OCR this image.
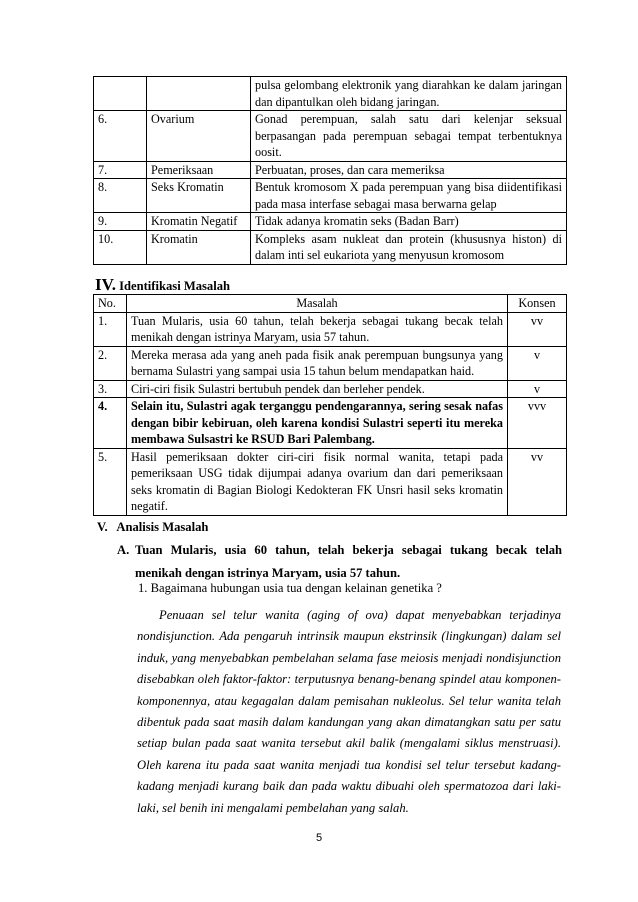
		pulsa gelombang elektronik yang diarahkan ke dalam jaringan dan dipantulkan oleh bidang jaringan.
6.	Ovarium	Gonad perempuan, salah satu dari kelenjar seksual berpasangan pada perempuan sebagai tempat terbentuknya oosit.
7.	Pemeriksaan	Perbuatan, proses, dan cara memeriksa
8.	Seks Kromatin	Bentuk kromosom X pada perempuan yang bisa diidentifikasi pada masa interfase sebagai masa berwarna gelap
9.	Kromatin Negatif	Tidak adanya kromatin seks (Badan Barr)
10.	Kromatin	Kompleks asam nukleat dan protein (khususnya histon) di dalam inti sel eukariota yang menyusun kromosom
IV. Identifikasi Masalah
No.	Masalah	Konsen
1.	Tuan Mularis, usia 60 tahun, telah bekerja sebagai tukang becak telah menikah dengan istrinya Maryam, usia 57 tahun.	vv
2.	Mereka merasa ada yang aneh pada fisik anak perempuan bungsunya yang bernama Sulastri yang sampai usia 15 tahun belum mendapatkan haid.	v
3.	Ciri-ciri fisik Sulastri bertubuh pendek dan berleher pendek.	v
4.	Selain itu, Sulastri agak terganggu pendengarannya, sering sesak nafas dengan bibir kebiruan, oleh karena kondisi Sulastri seperti itu mereka membawa Sulsastri ke RSUD Bari Palembang.	vvv
5.	Hasil pemeriksaan dokter ciri-ciri fisik normal wanita, tetapi pada pemeriksaan USG tidak dijumpai adanya ovarium dan dari pemeriksaan seks kromatin di Bagian Biologi Kedokteran FK Unsri hasil seks kromatin negatif.	vv
V.   Analisis Masalah
A. Tuan Mularis, usia 60 tahun, telah bekerja sebagai tukang becak telah menikah dengan istrinya Maryam, usia 57 tahun.
1. Bagaimana hubungan usia tua dengan kelainan genetika ?
Penuaan sel telur wanita (aging of ova) dapat menyebabkan terjadinya nondisjunction. Ada pengaruh intrinsik maupun ekstrinsik (lingkungan) dalam sel induk, yang menyebabkan pembelahan selama fase meiosis menjadi nondisjunction disebabkan oleh faktor-faktor: terputusnya benang-benang spindel atau komponen-komponennya, atau kegagalan dalam pemisahan nukleolus. Sel telur wanita telah dibentuk pada saat masih dalam kandungan yang akan dimatangkan satu per satu setiap bulan pada saat wanita tersebut akil balik (mengalami siklus menstruasi). Oleh karena itu pada saat wanita menjadi tua kondisi sel telur tersebut kadang-kadang menjadi kurang baik dan pada waktu dibuahi oleh spermatozoa dari laki-laki, sel benih ini mengalami pembelahan yang salah.
5
